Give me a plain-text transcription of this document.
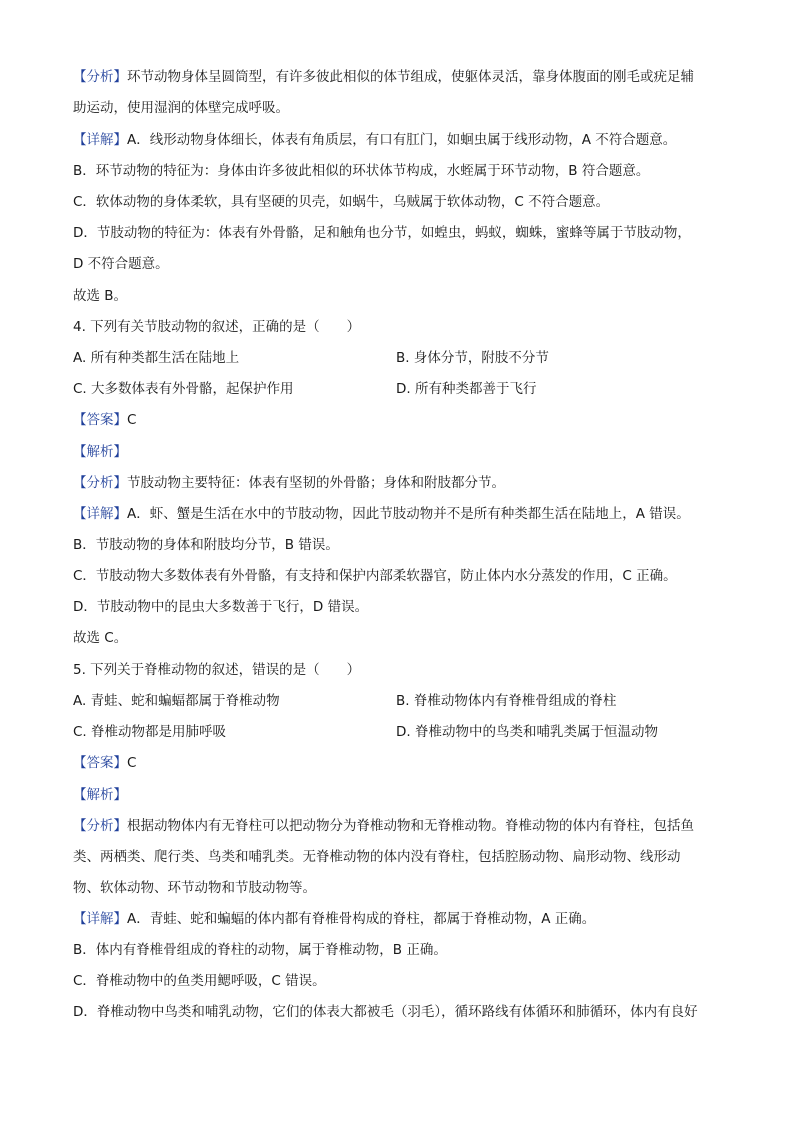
【分析】环节动物身体呈圆筒型，有许多彼此相似的体节组成，使躯体灵活，靠身体腹面的刚毛或疣足辅
助运动，使用湿润的体壁完成呼吸。
【详解】A．线形动物身体细长，体表有角质层，有口有肛门，如蛔虫属于线形动物，A 不符合题意。
B．环节动物的特征为：身体由许多彼此相似的环状体节构成，水蛭属于环节动物，B 符合题意。
C．软体动物的身体柔软，具有坚硬的贝壳，如蜗牛，乌贼属于软体动物，C 不符合题意。
D．节肢动物的特征为：体表有外骨骼，足和触角也分节，如蝗虫，蚂蚁，蜘蛛，蜜蜂等属于节肢动物，
D 不符合题意。
故选 B。
4. 下列有关节肢动物的叙述，正确的是（　　）
A. 所有种类都生活在陆地上	B. 身体分节，附肢不分节
C. 大多数体表有外骨骼，起保护作用	D. 所有种类都善于飞行
【答案】C
【解析】
【分析】节肢动物主要特征：体表有坚韧的外骨骼；身体和附肢都分节。
【详解】A．虾、蟹是生活在水中的节肢动物，因此节肢动物并不是所有种类都生活在陆地上，A 错误。
B．节肢动物的身体和附肢均分节，B 错误。
C．节肢动物大多数体表有外骨骼，有支持和保护内部柔软器官，防止体内水分蒸发的作用，C 正确。
D．节肢动物中的昆虫大多数善于飞行，D 错误。
故选 C。
5. 下列关于脊椎动物的叙述，错误的是（　　）
A. 青蛙、蛇和蝙蝠都属于脊椎动物	B. 脊椎动物体内有脊椎骨组成的脊柱
C. 脊椎动物都是用肺呼吸	D. 脊椎动物中的鸟类和哺乳类属于恒温动物
【答案】C
【解析】
【分析】根据动物体内有无脊柱可以把动物分为脊椎动物和无脊椎动物。脊椎动物的体内有脊柱，包括鱼
类、两栖类、爬行类、鸟类和哺乳类。无脊椎动物的体内没有脊柱，包括腔肠动物、扁形动物、线形动
物、软体动物、环节动物和节肢动物等。
【详解】A．青蛙、蛇和蝙蝠的体内都有脊椎骨构成的脊柱，都属于脊椎动物，A 正确。
B．体内有脊椎骨组成的脊柱的动物，属于脊椎动物，B 正确。
C．脊椎动物中的鱼类用鳃呼吸，C 错误。
D．脊椎动物中鸟类和哺乳动物，它们的体表大都被毛（羽毛），循环路线有体循环和肺循环，体内有良好
